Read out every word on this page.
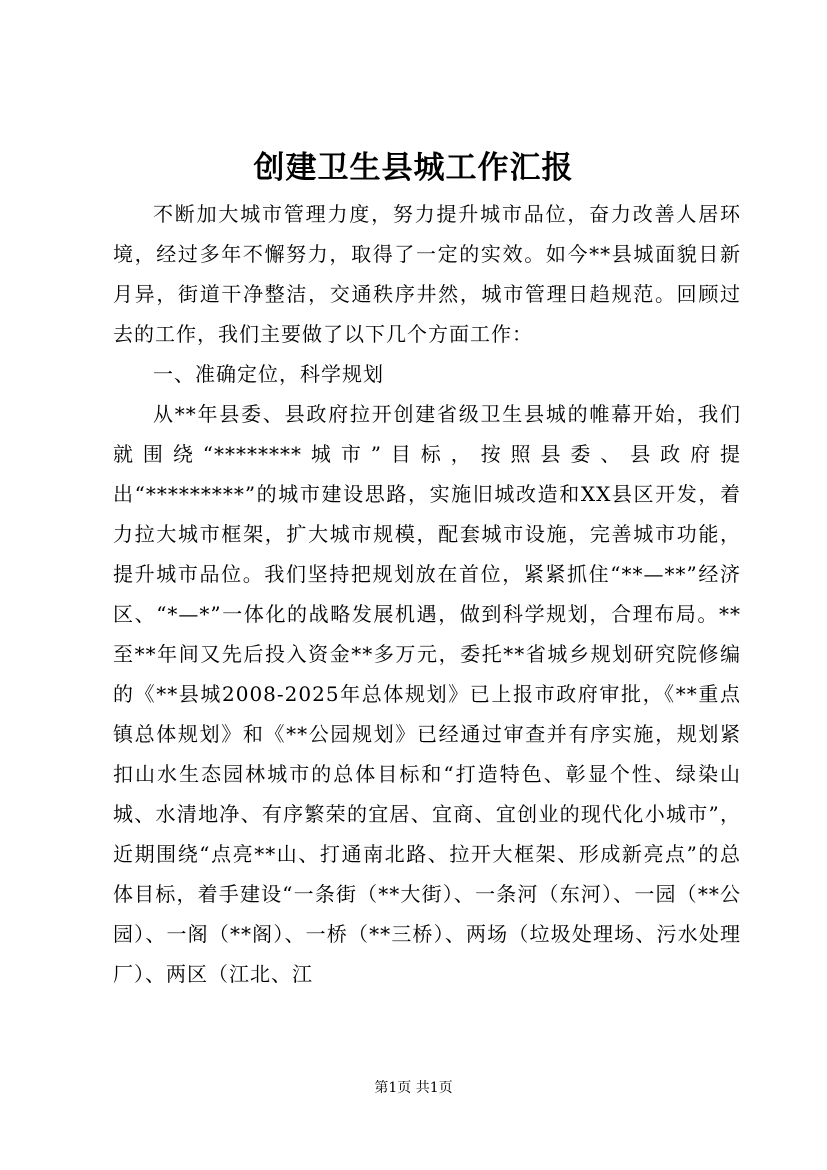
创建卫生县城工作汇报

不断加大城市管理力度，努力提升城市品位，奋力改善人居环境，经过多年不懈努力，取得了一定的实效。如今**县城面貌日新月异，街道干净整洁，交通秩序井然，城市管理日趋规范。回顾过去的工作，我们主要做了以下几个方面工作：

一、准确定位，科学规划

从**年县委、县政府拉开创建省级卫生县城的帷幕开始，我们就围绕“********城市”目标，按照县委、县政府提出“*********”的城市建设思路，实施旧城改造和XX县区开发，着力拉大城市框架，扩大城市规模，配套城市设施，完善城市功能，提升城市品位。我们坚持把规划放在首位，紧紧抓住“**—**”经济区、“*—*”一体化的战略发展机遇，做到科学规划，合理布局。**至**年间又先后投入资金**多万元，委托**省城乡规划研究院修编的《**县城2008-2025年总体规划》已上报市政府审批，《**重点镇总体规划》和《**公园规划》已经通过审查并有序实施，规划紧扣山水生态园林城市的总体目标和“打造特色、彰显个性、绿染山城、水清地净、有序繁荣的宜居、宜商、宜创业的现代化小城市”，近期围绕“点亮**山、打通南北路、拉开大框架、形成新亮点”的总体目标，着手建设“一条街（**大街）、一条河（东河）、一园（**公园）、一阁（**阁）、一桥（**三桥）、两场（垃圾处理场、污水处理厂）、两区（江北、江

第1页 共1页
